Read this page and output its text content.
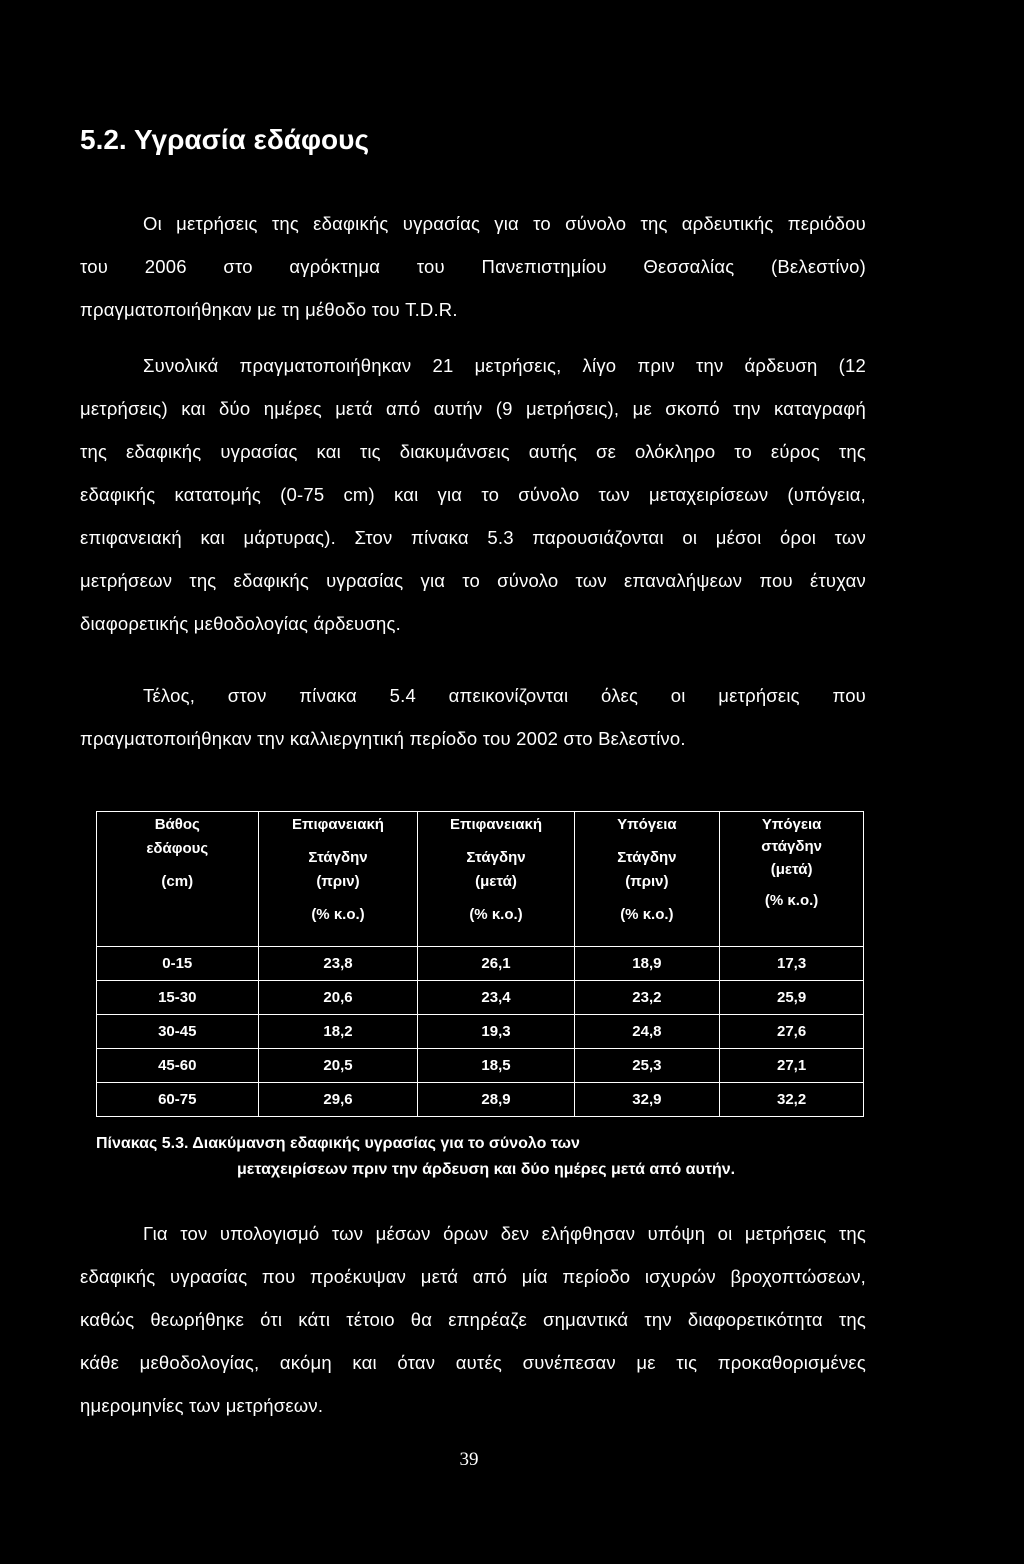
5.2. Υγρασία εδάφους

Οι μετρήσεις της εδαφικής υγρασίας για το σύνολο της αρδευτικής περιόδου
του 2006 στο αγρόκτημα του Πανεπιστημίου Θεσσαλίας (Βελεστίνο)
πραγματοποιήθηκαν με τη μέθοδο του T.D.R.

Συνολικά πραγματοποιήθηκαν 21 μετρήσεις, λίγο πριν την άρδευση (12
μετρήσεις) και δύο ημέρες μετά από αυτήν (9 μετρήσεις), με σκοπό την καταγραφή
της εδαφικής υγρασίας και τις διακυμάνσεις αυτής σε ολόκληρο το εύρος της
εδαφικής κατατομής (0-75 cm) και για το σύνολο των μεταχειρίσεων (υπόγεια,
επιφανειακή και μάρτυρας). Στον πίνακα 5.3 παρουσιάζονται οι μέσοι όροι των
μετρήσεων της εδαφικής υγρασίας για το σύνολο των επαναλήψεων που έτυχαν
διαφορετικής μεθοδολογίας άρδευσης.

Τέλος, στον πίνακα 5.4 απεικονίζονται όλες οι μετρήσεις που
πραγματοποιήθηκαν την καλλιεργητική περίοδο του 2002 στο Βελεστίνο.

Βάθος
εδάφους
(cm)	Επιφανειακή
Στάγδην
(πριν)
(% κ.ο.)	Επιφανειακή
Στάγδην
(μετά)
(% κ.ο.)	Υπόγεια
Στάγδην
(πριν)
(% κ.ο.)	Υπόγεια
στάγδην
(μετά)
(% κ.ο.)

0-15	23,8	26,1	18,9	17,3
15-30	20,6	23,4	23,2	25,9
30-45	18,2	19,3	24,8	27,6
45-60	20,5	18,5	25,3	27,1
60-75	29,6	28,9	32,9	32,2
Πίνακας 5.3. Διακύμανση εδαφικής υγρασίας για το σύνολο των
μεταχειρίσεων πριν την άρδευση και δύο ημέρες μετά από αυτήν.

Για τον υπολογισμό των μέσων όρων δεν ελήφθησαν υπόψη οι μετρήσεις της
εδαφικής υγρασίας που προέκυψαν μετά από μία περίοδο ισχυρών βροχοπτώσεων,
καθώς θεωρήθηκε ότι κάτι τέτοιο θα επηρέαζε σημαντικά την διαφορετικότητα της
κάθε μεθοδολογίας, ακόμη και όταν αυτές συνέπεσαν με τις προκαθορισμένες
ημερομηνίες των μετρήσεων.

39
